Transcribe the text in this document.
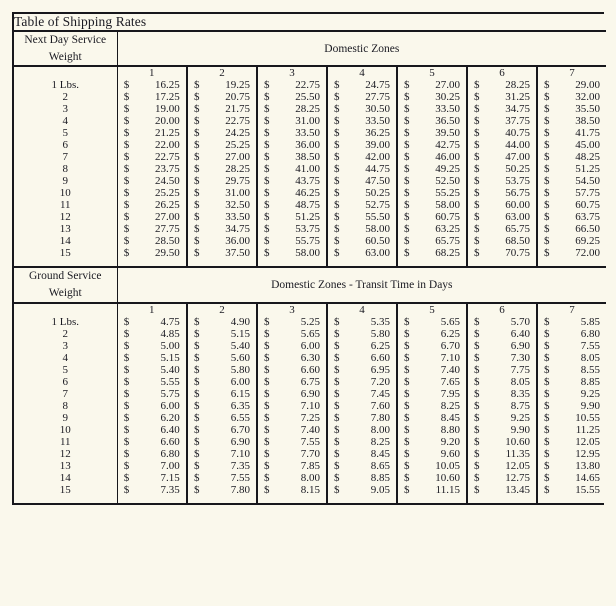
Table of Shipping Rates							

Next Day Service
Weight	Domestic Zones						
	1	2	3	4	5	6	7
1 Lbs.	$ 16.25	$ 19.25	$ 22.75	$ 24.75	$ 27.00	$ 28.25	$ 29.00

2	$ 17.25	$ 20.75	$ 25.50	$ 27.75	$ 30.25	$ 31.25	$ 32.00

3	$ 19.00	$ 21.75	$ 28.25	$ 30.50	$ 33.50	$ 34.75	$ 35.50

4	$ 20.00	$ 22.75	$ 31.00	$ 33.50	$ 36.50	$ 37.75	$ 38.50

5	$ 21.25	$ 24.25	$ 33.50	$ 36.25	$ 39.50	$ 40.75	$ 41.75

6	$ 22.00	$ 25.25	$ 36.00	$ 39.00	$ 42.75	$ 44.00	$ 45.00

7	$ 22.75	$ 27.00	$ 38.50	$ 42.00	$ 46.00	$ 47.00	$ 48.25

8	$ 23.75	$ 28.25	$ 41.00	$ 44.75	$ 49.25	$ 50.25	$ 51.25

9	$ 24.50	$ 29.75	$ 43.75	$ 47.50	$ 52.50	$ 53.75	$ 54.50

10	$ 25.25	$ 31.00	$ 46.25	$ 50.25	$ 55.25	$ 56.75	$ 57.75

11	$ 26.25	$ 32.50	$ 48.75	$ 52.75	$ 58.00	$ 60.00	$ 60.75

12	$ 27.00	$ 33.50	$ 51.25	$ 55.50	$ 60.75	$ 63.00	$ 63.75

13	$ 27.75	$ 34.75	$ 53.75	$ 58.00	$ 63.25	$ 65.75	$ 66.50

14	$ 28.50	$ 36.00	$ 55.75	$ 60.50	$ 65.75	$ 68.50	$ 69.25

15	$ 29.50	$ 37.50	$ 58.00	$ 63.00	$ 68.25	$ 70.75	$ 72.00

Ground Service
Weight	Domestic Zones - Transit Time in Days						
	1	2	3	4	5	6	7
1 Lbs.	$ 4.75	$ 4.90	$ 5.25	$ 5.35	$ 5.65	$ 5.70	$ 5.85

2	$ 4.85	$ 5.15	$ 5.65	$ 5.80	$ 6.25	$ 6.40	$ 6.80

3	$ 5.00	$ 5.40	$ 6.00	$ 6.25	$ 6.70	$ 6.90	$ 7.55

4	$ 5.15	$ 5.60	$ 6.30	$ 6.60	$ 7.10	$ 7.30	$ 8.05

5	$ 5.40	$ 5.80	$ 6.60	$ 6.95	$ 7.40	$ 7.75	$ 8.55

6	$ 5.55	$ 6.00	$ 6.75	$ 7.20	$ 7.65	$ 8.05	$ 8.85

7	$ 5.75	$ 6.15	$ 6.90	$ 7.45	$ 7.95	$ 8.35	$ 9.25

8	$ 6.00	$ 6.35	$ 7.10	$ 7.60	$ 8.25	$ 8.75	$ 9.90

9	$ 6.20	$ 6.55	$ 7.25	$ 7.80	$ 8.45	$ 9.25	$ 10.55

10	$ 6.40	$ 6.70	$ 7.40	$ 8.00	$ 8.80	$ 9.90	$ 11.25

11	$ 6.60	$ 6.90	$ 7.55	$ 8.25	$ 9.20	$ 10.60	$ 12.05

12	$ 6.80	$ 7.10	$ 7.70	$ 8.45	$ 9.60	$ 11.35	$ 12.95

13	$ 7.00	$ 7.35	$ 7.85	$ 8.65	$ 10.05	$ 12.05	$ 13.80

14	$ 7.15	$ 7.55	$ 8.00	$ 8.85	$ 10.60	$ 12.75	$ 14.65

15	$ 7.35	$ 7.80	$ 8.15	$ 9.05	$ 11.15	$ 13.45	$ 15.55
